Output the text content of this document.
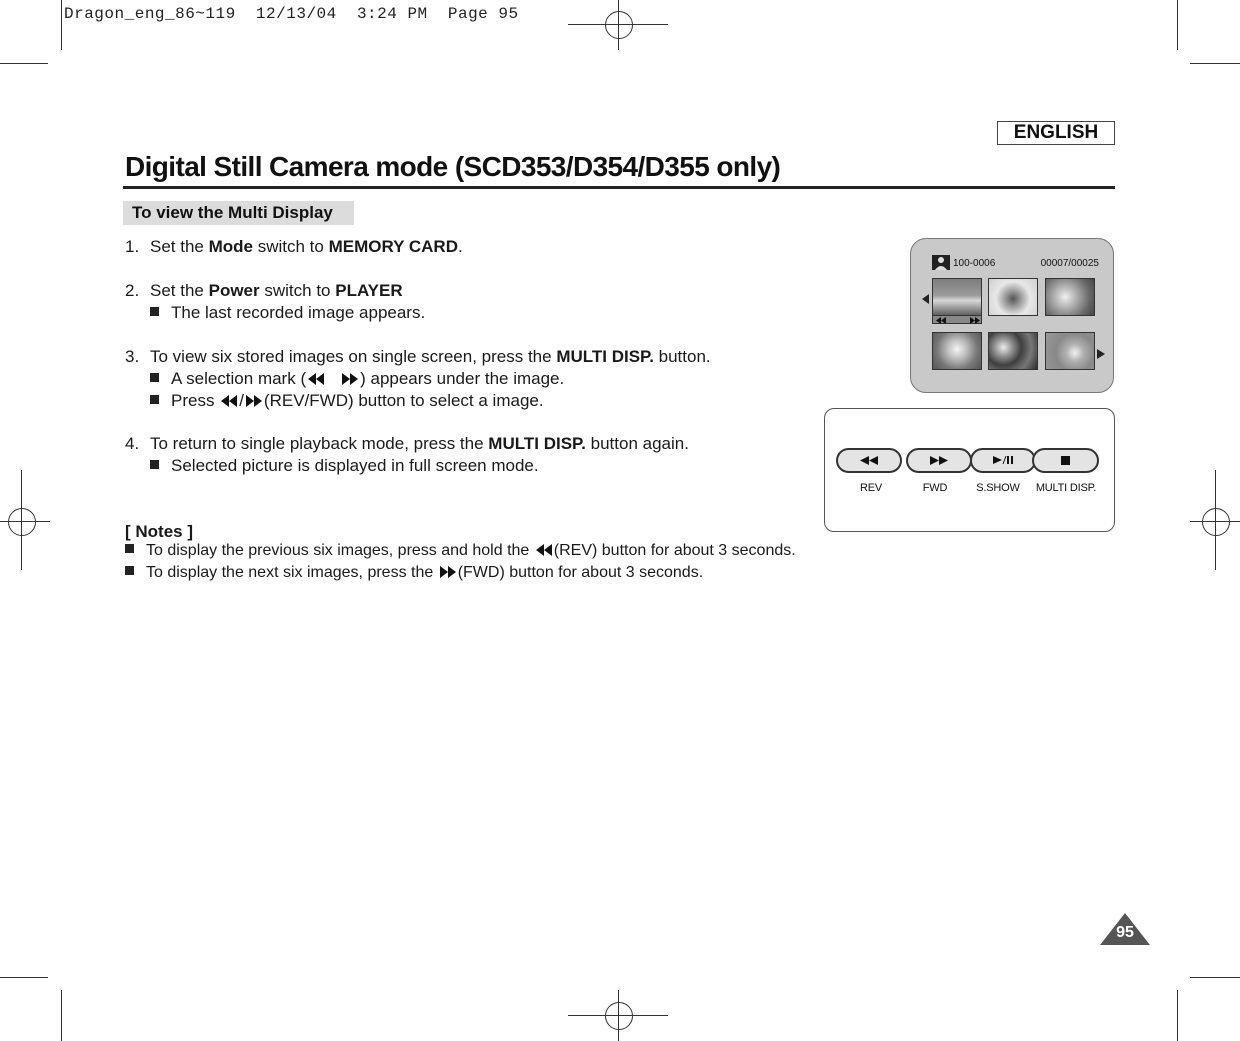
Dragon_eng_86~119  12/13/04  3:24 PM  Page 95
ENGLISH
Digital Still Camera mode (SCD353/D354/D355 only)
To view the Multi Display
1. Set the Mode switch to MEMORY CARD.
2. Set the Power switch to PLAYER
The last recorded image appears.
3. To view six stored images on single screen, press the MULTI DISP. button.
A selection mark (	) appears under the image.
Press / (REV/FWD) button to select a image.
4. To return to single playback mode, press the MULTI DISP. button again.
Selected picture is displayed in full screen mode.
[ Notes ]
To display the previous six images, press and hold the (REV) button for about 3 seconds.
To display the next six images, press the (FWD) button for about 3 seconds.
100-0006	00007/00025
REV	FWD	S.SHOW	MULTI DISP.
95
